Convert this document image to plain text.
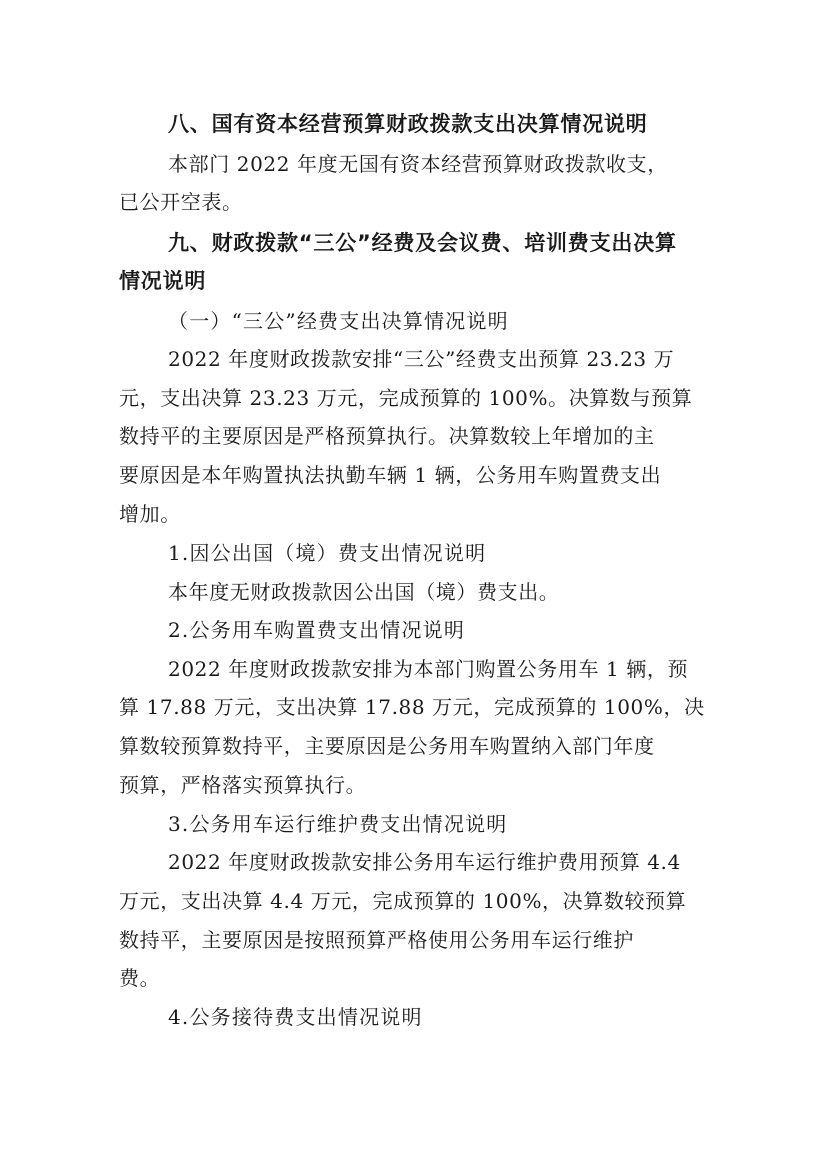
八、国有资本经营预算财政拨款支出决算情况说明
本部门 2022 年度无国有资本经营预算财政拨款收支，
已公开空表。
九、财政拨款“三公”经费及会议费、培训费支出决算
情况说明
（一）“三公”经费支出决算情况说明
2022 年度财政拨款安排“三公”经费支出预算 23.23 万
元，支出决算 23.23 万元，完成预算的 100%。决算数与预算
数持平的主要原因是严格预算执行。决算数较上年增加的主
要原因是本年购置执法执勤车辆 1 辆，公务用车购置费支出
增加。
1.因公出国（境）费支出情况说明
本年度无财政拨款因公出国（境）费支出。
2.公务用车购置费支出情况说明
2022 年度财政拨款安排为本部门购置公务用车 1 辆，预
算 17.88 万元，支出决算 17.88 万元，完成预算的 100%，决
算数较预算数持平，主要原因是公务用车购置纳入部门年度
预算，严格落实预算执行。
3.公务用车运行维护费支出情况说明
2022 年度财政拨款安排公务用车运行维护费用预算 4.4
万元，支出决算 4.4 万元，完成预算的 100%，决算数较预算
数持平，主要原因是按照预算严格使用公务用车运行维护
费。
4.公务接待费支出情况说明
